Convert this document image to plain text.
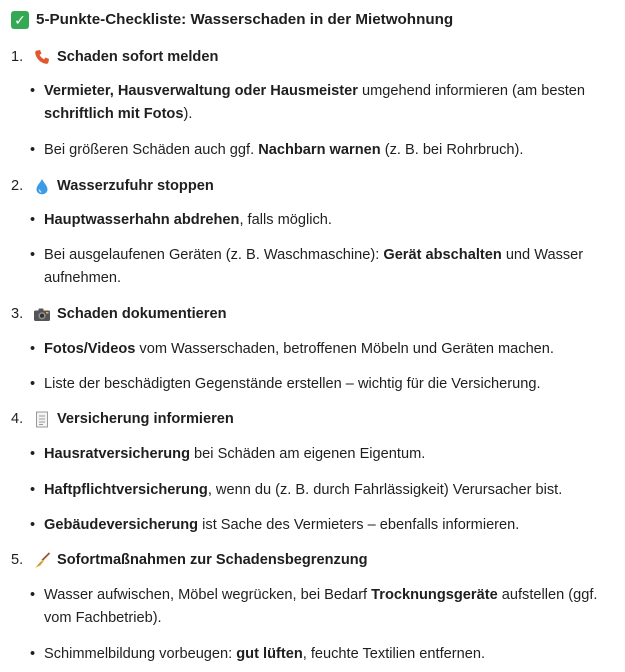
✓ 5-Punkte-Checkliste: Wasserschaden in der Mietwohnung
1.	Schaden sofort melden
• Vermieter, Hausverwaltung oder Hausmeister umgehend informieren (am besten schriftlich mit Fotos).
• Bei größeren Schäden auch ggf. Nachbarn warnen (z. B. bei Rohrbruch).
2.	Wasserzufuhr stoppen
• Hauptwasserhahn abdrehen, falls möglich.
• Bei ausgelaufenen Geräten (z. B. Waschmaschine): Gerät abschalten und Wasser aufnehmen.
3.	Schaden dokumentieren
• Fotos/Videos vom Wasserschaden, betroffenen Möbeln und Geräten machen.
• Liste der beschädigten Gegenstände erstellen – wichtig für die Versicherung.
4.	Versicherung informieren
• Hausratversicherung bei Schäden am eigenen Eigentum.
• Haftpflichtversicherung, wenn du (z. B. durch Fahrlässigkeit) Verursacher bist.
• Gebäudeversicherung ist Sache des Vermieters – ebenfalls informieren.
5.	Sofortmaßnahmen zur Schadensbegrenzung
• Wasser aufwischen, Möbel wegrücken, bei Bedarf Trocknungsgeräte aufstellen (ggf. vom Fachbetrieb).
• Schimmelbildung vorbeugen: gut lüften, feuchte Textilien entfernen.
